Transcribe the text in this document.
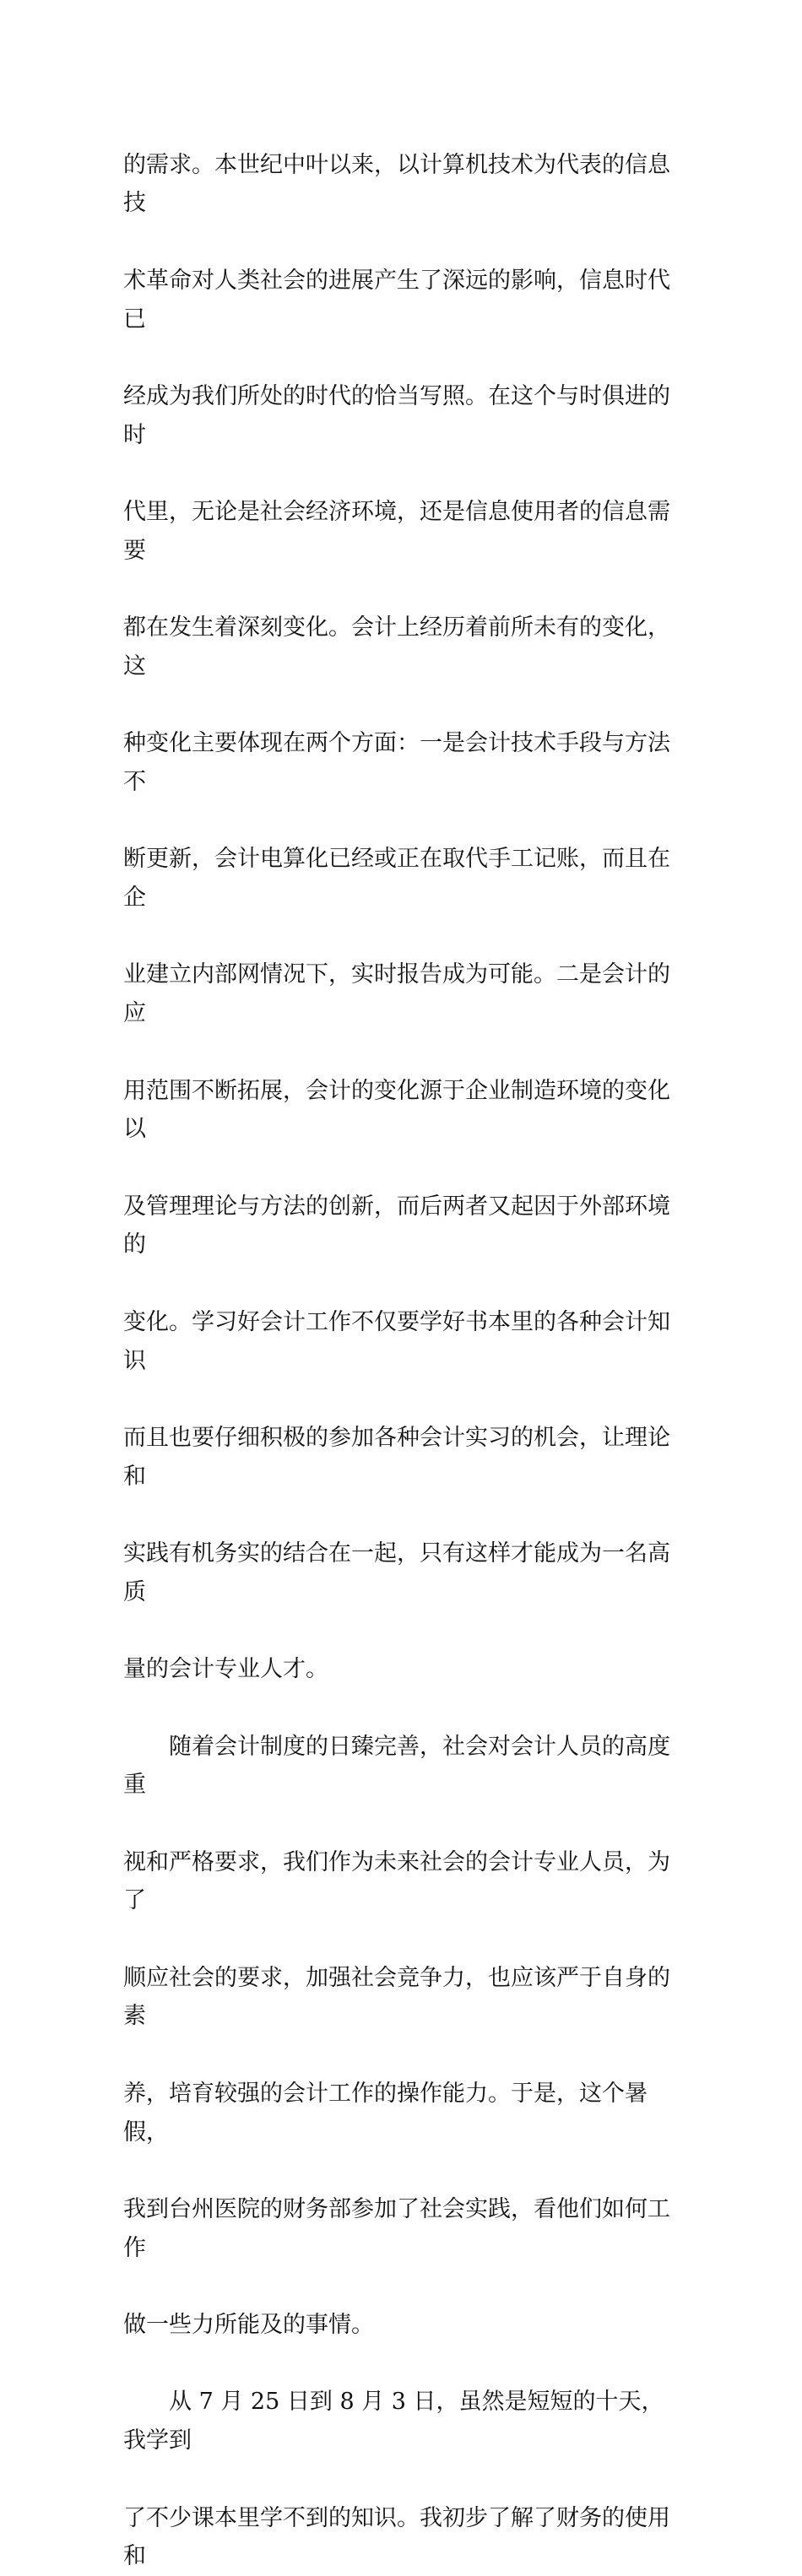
的需求。本世纪中叶以来，以计算机技术为代表的信息技

术革命对人类社会的进展产生了深远的影响，信息时代已

经成为我们所处的时代的恰当写照。在这个与时俱进的时

代里，无论是社会经济环境，还是信息使用者的信息需要

都在发生着深刻变化。会计上经历着前所未有的变化，这

种变化主要体现在两个方面：一是会计技术手段与方法不

断更新，会计电算化已经或正在取代手工记账，而且在企

业建立内部网情况下，实时报告成为可能。二是会计的应

用范围不断拓展，会计的变化源于企业制造环境的变化以

及管理理论与方法的创新，而后两者又起因于外部环境的

变化。学习好会计工作不仅要学好书本里的各种会计知识

而且也要仔细积极的参加各种会计实习的机会，让理论和

实践有机务实的结合在一起，只有这样才能成为一名高质

量的会计专业人才。

　　随着会计制度的日臻完善，社会对会计人员的高度重

视和严格要求，我们作为未来社会的会计专业人员，为了

顺应社会的要求，加强社会竞争力，也应该严于自身的素

养，培育较强的会计工作的操作能力。于是，这个暑假，

我到台州医院的财务部参加了社会实践，看他们如何工作

做一些力所能及的事情。

　　从 7 月 25 日到 8 月 3 日，虽然是短短的十天，我学到

了不少课本里学不到的知识。我初步了解了财务的使用和
